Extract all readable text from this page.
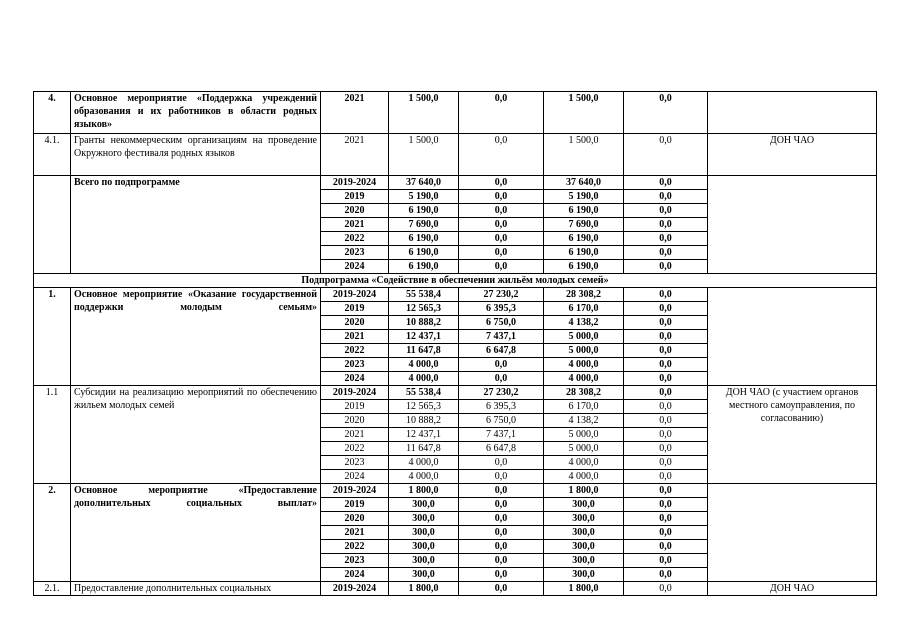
4.	Основное мероприятие «Поддержка учреждений образования и их работников в области родных языков»	2021	1 500,0	0,0	1 500,0	0,0	
4.1.	Гранты некоммерческим организациям на проведение Окружного фестиваля родных языков	2021	1 500,0	0,0	1 500,0	0,0	ДОН ЧАО
	Всего по подпрограмме	2019-2024	37 640,0	0,0	37 640,0	0,0	
		2019	5 190,0	0,0	5 190,0	0,0	
		2020	6 190,0	0,0	6 190,0	0,0	
		2021	7 690,0	0,0	7 690,0	0,0	
		2022	6 190,0	0,0	6 190,0	0,0	
		2023	6 190,0	0,0	6 190,0	0,0	
		2024	6 190,0	0,0	6 190,0	0,0	
Подпрограмма «Содействие в обеспечении жильём молодых семей»							
1.	Основное мероприятие «Оказание государственной поддержки молодым семьям»	2019-2024	55 538,4	27 230,2	28 308,2	0,0	
		2019	12 565,3	6 395,3	6 170,0	0,0	
		2020	10 888,2	6 750,0	4 138,2	0,0	
		2021	12 437,1	7 437,1	5 000,0	0,0	
		2022	11 647,8	6 647,8	5 000,0	0,0	
		2023	4 000,0	0,0	4 000,0	0,0	
		2024	4 000,0	0,0	4 000,0	0,0	
1.1	Субсидии на реализацию мероприятий по обеспечению жильем молодых семей	2019-2024	55 538,4	27 230,2	28 308,2	0,0	ДОН ЧАО (с участием органов местного самоуправления, по согласованию)
		2019	12 565,3	6 395,3	6 170,0	0,0	
		2020	10 888,2	6 750,0	4 138,2	0,0	
		2021	12 437,1	7 437,1	5 000,0	0,0	
		2022	11 647,8	6 647,8	5 000,0	0,0	
		2023	4 000,0	0,0	4 000,0	0,0	
		2024	4 000,0	0,0	4 000,0	0,0	
2.	Основное мероприятие «Предоставление дополнительных социальных выплат»	2019-2024	1 800,0	0,0	1 800,0	0,0	
		2019	300,0	0,0	300,0	0,0	
		2020	300,0	0,0	300,0	0,0	
		2021	300,0	0,0	300,0	0,0	
		2022	300,0	0,0	300,0	0,0	
		2023	300,0	0,0	300,0	0,0	
		2024	300,0	0,0	300,0	0,0	
2.1.	Предоставление дополнительных социальных	2019-2024	1 800,0	0,0	1 800,0	0,0	ДОН ЧАО
